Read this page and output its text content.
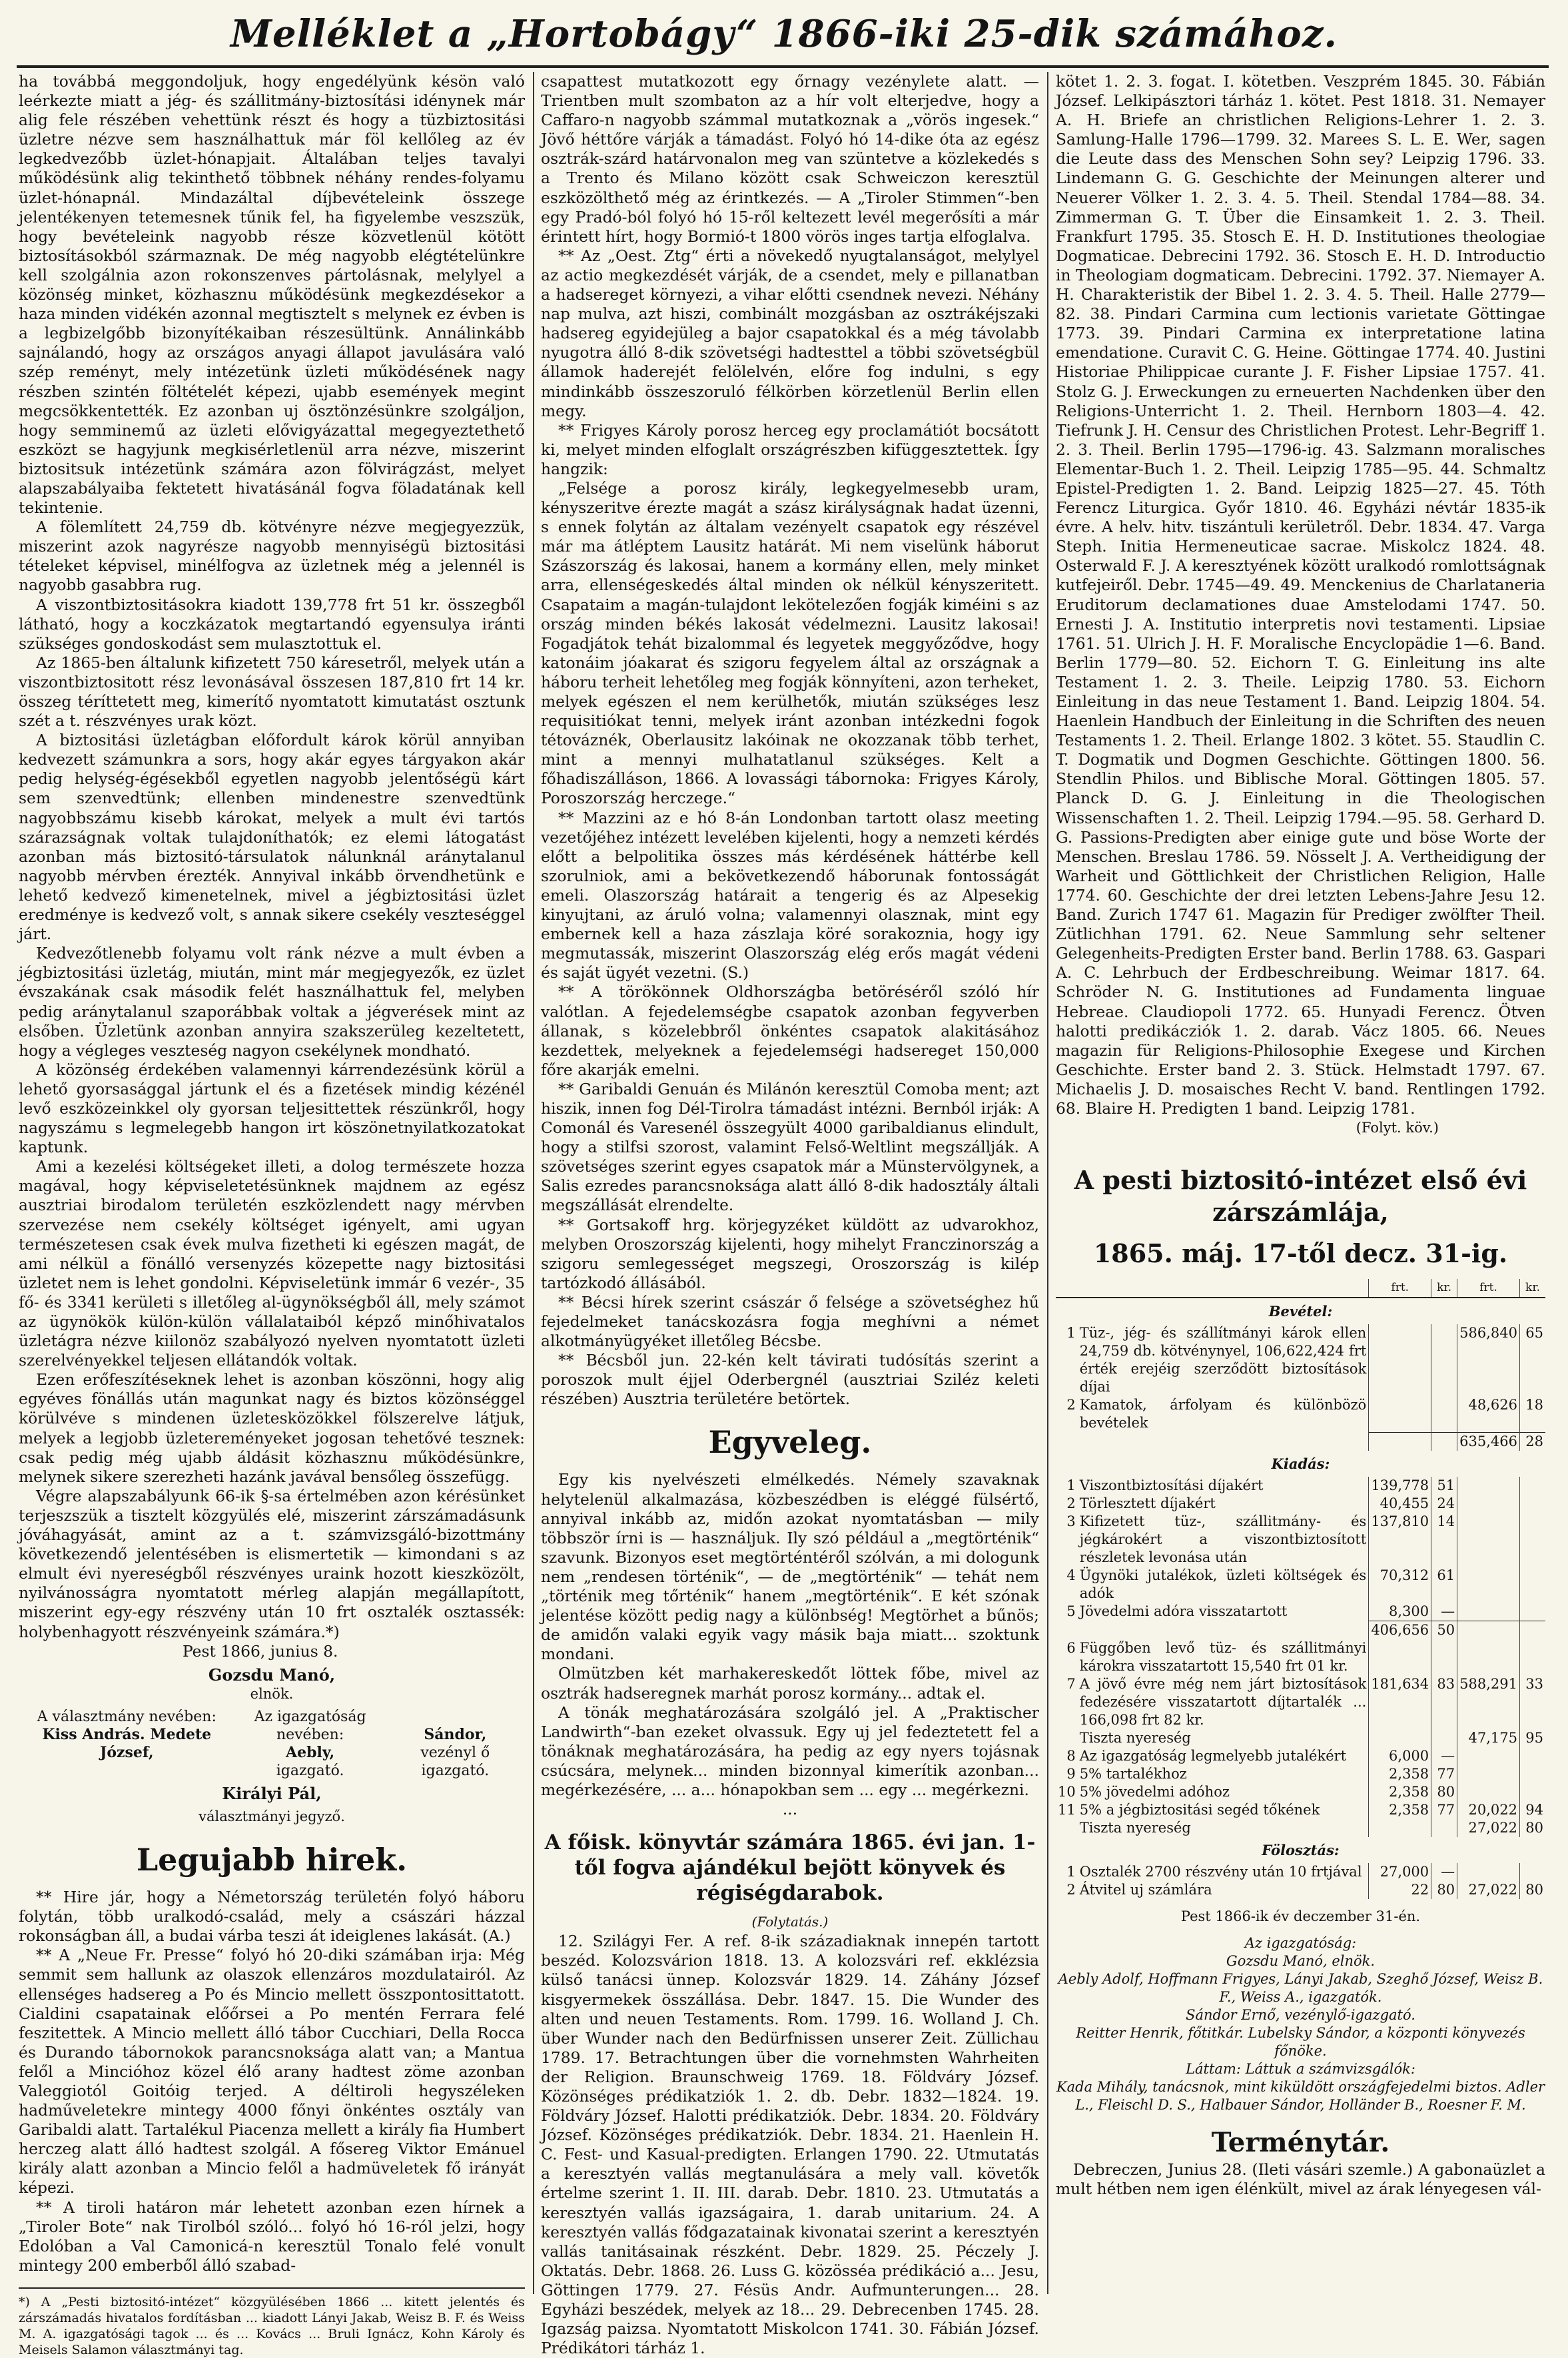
Melléklet a „Hortobágy“ 1866-iki 25-dik számához.

ha továbbá meggondoljuk, hogy engedélyünk késön való leérkezte miatt a jég- és szállitmány-biztosítási idénynek már alig fele részében vehettünk részt és hogy a tüzbiztositási üzletre nézve sem használhattuk már föl kellőleg az év legkedvezőbb üzlet-hónapjait. Általában teljes tavalyi működésünk alig tekinthető többnek néhány rendes-folyamu üzlet-hónapnál. Mindazáltal díjbevételeink összege jelentékenyen tetemesnek tűnik fel, ha figyelembe veszszük, hogy bevételeink nagyobb része közvetlenül kötött biztosításokból származnak. De még nagyobb elégtételünkre kell szolgálnia azon rokonszenves pártolásnak, melylyel a közönség minket, közhasznu működésünk megkezdésekor a haza minden vidékén azonnal megtisztelt s melynek ez évben is a legbizelgőbb bizonyítékaiban részesültünk. Annálinkább sajnálandó, hogy az országos anyagi állapot javulására való szép reményt, mely intézetünk üzleti működésének nagy részben szintén föltételét képezi, ujabb események megint megcsökkentették. Ez azonban uj ösztönzésünkre szolgáljon, hogy semminemű az üzleti elővigyázattal megegyeztethető eszközt se hagyjunk megkisérletlenül arra nézve, miszerint biztositsuk intézetünk számára azon fölvirágzást, melyet alapszabályaiba fektetett hivatásánál fogva föladatának kell tekintenie.

A fölemlített 24,759 db. kötvényre nézve megjegyezzük, miszerint azok nagyrésze nagyobb mennyiségü biztositási tételeket képvisel, minélfogva az üzletnek még a jelennél is nagyobb gasabbra rug.

A viszontbiztositásokra kiadott 139,778 frt 51 kr. összegből látható, hogy a koczkázatok megtartandó egyensulya iránti szükséges gondoskodást sem mulasztottuk el.

Az 1865-ben általunk kifizetett 750 káresetről, melyek után a viszontbiztositott rész levonásával összesen 187,810 frt 14 kr. összeg téríttetett meg, kimerítő nyomtatott kimutatást osztunk szét a t. részvényes urak közt.

A biztositási üzletágban előfordult károk körül annyiban kedvezett számunkra a sors, hogy akár egyes tárgyakon akár pedig helység-égésekből egyetlen nagyobb jelentőségü kárt sem szenvedtünk; ellenben mindenestre szenvedtünk nagyobbszámu kisebb károkat, melyek a mult évi tartós szárazságnak voltak tulajdoníthatók; ez elemi látogatást azonban más biztositó-társulatok nálunknál aránytalanul nagyobb mérvben érezték. Annyival inkább örvendhetünk e lehető kedvező kimenetelnek, mivel a jégbiztositási üzlet eredménye is kedvező volt, s annak sikere csekély veszteséggel járt.

Kedvezőtlenebb folyamu volt ránk nézve a mult évben a jégbiztositási üzletág, miután, mint már megjegyezők, ez üzlet évszakának csak második felét használhattuk fel, melyben pedig aránytalanul szaporábbak voltak a jégverések mint az elsőben. Üzletünk azonban annyira szakszerüleg kezeltetett, hogy a végleges veszteség nagyon csekélynek mondható.

A közönség érdekében valamennyi kárrendezésünk körül a lehető gyorsasággal jártunk el és a fizetések mindig kézénél levő eszközeinkkel oly gyorsan teljesittettek részünkről, hogy nagyszámu s legmelegebb hangon irt köszönetnyilatkozatokat kaptunk.

Ami a kezelési költségeket illeti, a dolog természete hozza magával, hogy képviseletetésünknek majdnem az egész ausztriai birodalom területén eszközlendett nagy mérvben szervezése nem csekély költséget igényelt, ami ugyan természetesen csak évek mulva fizetheti ki egészen magát, de ami nélkül a fönálló versenyzés közepette nagy biztositási üzletet nem is lehet gondolni. Képviseletünk immár 6 vezér-, 35 fő- és 3341 kerületi s illetőleg al-ügynökségből áll, mely számot az ügynökök külön-külön vállalataiból képző minőhivatalos üzletágra nézve kiilonöz szabályozó nyelven nyomtatott üzleti szerelvényekkel teljesen ellátandók voltak.

Ezen erőfeszítéseknek lehet is azonban köszönni, hogy alig egyéves fönállás után magunkat nagy és biztos közönséggel körülvéve s mindenen üzletesközökkel fölszerelve látjuk, melyek a legjobb üzletereményeket jogosan tehetővé tesznek: csak pedig még ujabb áldásit közhasznu működésünkre, melynek sikere szerezheti hazánk javával bensőleg összefügg.

Végre alapszabályunk 66-ik §-sa értelmében azon kérésünket terjeszszük a tisztelt közgyülés elé, miszerint zárszámadásunk jóváhagyását, amint az a t. számvizsgáló-bizottmány következendő jelentésében is elismertetik — kimondani s az elmult évi nyereségből részvényes uraink hozott kieszközölt, nyilvánosságra nyomtatott mérleg alapján megállapított, miszerint egy-egy részvény után 10 frt osztalék osztassék: holybenhagyott részvényeink számára.*)

Pest 1866, junius 8.

Gozsdu Manó,
elnök.
A választmány nevében:
Kiss András. Medete József,
Az igazgatóság nevében:
Aebly,
igazgató.

Sándor,
vezényl ő igazgató.
Királyi Pál,
választmányi jegyző.
Legujabb hirek.

** Hire jár, hogy a Németország területén folyó háboru folytán, több uralkodó-család, mely a császári házzal rokonságban áll, a budai várba teszi át ideiglenes lakását. (A.)

** A „Neue Fr. Presse“ folyó hó 20-diki számában irja: Még semmit sem hallunk az olaszok ellenzáros mozdulatairól. Az ellenséges hadsereg a Po és Mincio mellett összpontosittatott. Cialdini csapatainak előőrsei a Po mentén Ferrara felé feszitettek. A Mincio mellett álló tábor Cucchiari, Della Rocca és Durando tábornokok parancsnoksága alatt van; a Mantua felől a Mincióhoz közel élő arany hadtest zöme azonban Valeggiotól Goitóig terjed. A déltiroli hegyszéleken hadműveletekre mintegy 4000 főnyi önkéntes osztály van Garibaldi alatt. Tartalékul Piacenza mellett a király fia Humbert herczeg alatt álló hadtest szolgál. A fősereg Viktor Emánuel király alatt azonban a Mincio felől a hadmüveletek fő irányát képezi.

** A tiroli határon már lehetett azonban ezen hírnek a „Tiroler Bote“ nak Tirolból szóló... folyó hó 16-ról jelzi, hogy Edolóban a Val Camonicá-n keresztül Tonalo felé vonult mintegy 200 emberből álló szabad-

*) A „Pesti biztositó-intézet“ közgyülésében 1866 ... kitett jelentés és zárszámadás hivatalos fordításban ... kiadott Lányi Jakab, Weisz B. F. és Weiss M. A. igazgatósági tagok ... és ... Kovács ... Bruli Ignácz, Kohn Károly és Meisels Salamon választmányi tag.

csapattest mutatkozott egy őrnagy vezénylete alatt. — Trientben mult szombaton az a hír volt elterjedve, hogy a Caffaro-n nagyobb számmal mutatkoznak a „vörös ingesek.“ Jövő héttőre várják a támadást. Folyó hó 14-dike óta az egész osztrák-szárd határvonalon meg van szüntetve a közlekedés s a Trento és Milano között csak Schweiczon keresztül eszközölthető még az érintkezés. — A „Tiroler Stimmen“-ben egy Pradó-ból folyó hó 15-ről keltezett levél megerősíti a már érintett hírt, hogy Bormió-t 1800 vörös inges tartja elfoglalva.

** Az „Oest. Ztg“ érti a növekedő nyugtalanságot, melylyel az actio megkezdését várják, de a csendet, mely e pillanatban a hadsereget környezi, a vihar előtti csendnek nevezi. Néhány nap mulva, azt hiszi, combinált mozgásban az osztrákéjszaki hadsereg egyidejüleg a bajor csapatokkal és a még távolabb nyugotra álló 8-dik szövetségi hadtesttel a többi szövetségbül államok haderejét felölelvén, előre fog indulni, s egy mindinkább összeszoruló félkörben körzetlenül Berlin ellen megy.

** Frigyes Károly porosz herceg egy proclamátiót bocsátott ki, melyet minden elfoglalt országrészben kifüggesztettek. Így hangzik:

„Felsége a porosz király, legkegyelmesebb uram, kényszeritve érezte magát a szász királyságnak hadat üzenni, s ennek folytán az általam vezényelt csapatok egy részével már ma átléptem Lausitz határát. Mi nem viselünk háborut Szászország és lakosai, hanem a kormány ellen, mely minket arra, ellenségeskedés által minden ok nélkül kényszeritett. Csapataim a magán-tulajdont lekötelezően fogják kiméini s az ország minden békés lakosát védelmezni. Lausitz lakosai! Fogadjátok tehát bizalommal és legyetek meggyőződve, hogy katonáim jóakarat és szigoru fegyelem által az országnak a háboru terheit lehetőleg meg fogják könnyíteni, azon terheket, melyek egészen el nem kerülhetők, miután szükséges lesz requisitiókat tenni, melyek iránt azonban intézkedni fogok tétováznék, Oberlausitz lakóinak ne okozzanak több terhet, mint a mennyi mulhatatlanul szükséges. Kelt a főhadiszálláson, 1866. A lovassági tábornoka: Frigyes Károly, Poroszország herczege.“

** Mazzini az e hó 8-án Londonban tartott olasz meeting vezetőjéhez intézett levelében kijelenti, hogy a nemzeti kérdés előtt a belpolitika összes más kérdésének háttérbe kell szorulniok, ami a bekövetkezendő háborunak fontosságát emeli. Olaszország határait a tengerig és az Alpesekig kinyujtani, az áruló volna; valamennyi olasznak, mint egy embernek kell a haza zászlaja köré sorakoznia, hogy igy megmutassák, miszerint Olaszország elég erős magát védeni és saját ügyét vezetni. (S.)

** A törökönnek Oldhországba betöréséről szóló hír valótlan. A fejedelemségbe csapatok azonban fegyverben állanak, s közelebbről önkéntes csapatok alakitásához kezdettek, melyeknek a fejedelemségi hadsereget 150,000 főre akarják emelni.

** Garibaldi Genuán és Milánón keresztül Comoba ment; azt hiszik, innen fog Dél-Tirolra támadást intézni. Bernból irják: A Comonál és Varesenél összegyült 4000 garibaldianus elindult, hogy a stilfsi szorost, valamint Felső-Weltlint megszállják. A szövetséges szerint egyes csapatok már a Münstervölgynek, a Salis ezredes parancsnoksága alatt álló 8-dik hadosztály általi megszállását elrendelte.

** Gortsakoff hrg. körjegyzéket küldött az udvarokhoz, melyben Oroszország kijelenti, hogy mihelyt Franczinország a szigoru semlegességet megszegi, Oroszország is kilép tartózkodó állásából.

** Bécsi hírek szerint császár ő felsége a szövetséghez hű fejedelmeket tanácskozásra fogja meghívni a német alkotmányügyéket illetőleg Bécsbe.

** Bécsből jun. 22-kén kelt távirati tudósítás szerint a poroszok mult éjjel Oderbergnél (ausztriai Sziléz keleti részében) Ausztria területére betörtek.

Egyveleg.

Egy kis nyelvészeti elmélkedés. Némely szavaknak helytelenül alkalmazása, közbeszédben is eléggé fülsértő, annyival inkább az, midőn azokat nyomtatásban — mily többször írni is — használjuk. Ily szó például a „megtörténik“ szavunk. Bizonyos eset megtörténtéről szólván, a mi dologunk nem „rendesen történik“, — de „megtörténik“ — tehát nem „történik meg tőrténik“ hanem „megtörténik“. E két szónak jelentése között pedig nagy a különbség! Megtörhet a bűnös; de amidőn valaki egyik vagy másik baja miatt... szoktunk mondani.

Olmützben két marhakereskedőt löttek főbe, mivel az osztrák hadseregnek marhát porosz kormány... adtak el.

A tönák meghatározására szolgáló jel. A „Praktischer Landwirth“-ban ezeket olvassuk. Egy uj jel fedeztetett fel a tönáknak meghatározására, ha pedig az egy nyers tojásnak csúcsára, melynek... minden bizonnyal kimerítik azonban... megérkezésére, ... a... hónapokban sem ... egy ... megérkezni.

...

A főisk. könyvtár számára 1865. évi jan. 1-től fogva ajándékul bejött könyvek és régiségdarabok.
(Folytatás.)

12. Szilágyi Fer. A ref. 8-ik századiaknak innepén tartott beszéd. Kolozsvárion 1818. 13. A kolozsvári ref. ekklézsia külső tanácsi ünnep. Kolozsvár 1829. 14. Záhány József kisgyermekek összállása. Debr. 1847. 15. Die Wunder des alten und neuen Testaments. Rom. 1799. 16. Wolland J. Ch. über Wunder nach den Bedürfnissen unserer Zeit. Züllichau 1789. 17. Betrachtungen über die vornehmsten Wahrheiten der Religion. Braunschweig 1769. 18. Földváry József. Közönséges prédikatziók 1. 2. db. Debr. 1832—1824. 19. Földváry József. Halotti prédikatziók. Debr. 1834. 20. Földváry József. Közönséges prédikatziók. Debr. 1834. 21. Haenlein H. C. Fest- und Kasual-predigten. Erlangen 1790. 22. Utmutatás a keresztyén vallás megtanulására a mely vall. követők értelme szerint 1. II. III. darab. Debr. 1810. 23. Utmutatás a keresztyén vallás igazságaira, 1. darab unitarium. 24. A keresztyén vallás fődgazatainak kivonatai szerint a keresztyén vallás tanitásainak részként. Debr. 1829. 25. Péczely J. Oktatás. Debr. 1868. 26. Luss G. közösséa prédikáció a... Jesu, Göttingen 1779. 27. Fésüs Andr. Aufmunterungen... 28. Egyházi beszédek, melyek az 18... 29. Debrecenben 1745. 28. Igazság paizsa. Nyomtatott Miskolcon 1741. 30. Fábián József. Prédikátori tárház 1.

kötet 1. 2. 3. fogat. I. kötetben. Veszprém 1845. 30. Fábián József. Lelkipásztori tárház 1. kötet. Pest 1818. 31. Nemayer A. H. Briefe an christlichen Religions-Lehrer 1. 2. 3. Samlung-Halle 1796—1799. 32. Marees S. L. E. Wer, sagen die Leute dass des Menschen Sohn sey? Leipzig 1796. 33. Lindemann G. G. Geschichte der Meinungen alterer und Neuerer Völker 1. 2. 3. 4. 5. Theil. Stendal 1784—88. 34. Zimmerman G. T. Über die Einsamkeit 1. 2. 3. Theil. Frankfurt 1795. 35. Stosch E. H. D. Institutiones theologiae Dogmaticae. Debrecini 1792. 36. Stosch E. H. D. Introductio in Theologiam dogmaticam. Debrecini. 1792. 37. Niemayer A. H. Charakteristik der Bibel 1. 2. 3. 4. 5. Theil. Halle 2779—82. 38. Pindari Carmina cum lectionis varietate Göttingae 1773. 39. Pindari Carmina ex interpretatione latina emendatione. Curavit C. G. Heine. Göttingae 1774. 40. Justini Historiae Philippicae curante J. F. Fisher Lipsiae 1757. 41. Stolz G. J. Erweckungen zu erneuerten Nachdenken über den Religions-Unterricht 1. 2. Theil. Hernborn 1803—4. 42. Tiefrunk J. H. Censur des Christlichen Protest. Lehr-Begriff 1. 2. 3. Theil. Berlin 1795—1796-ig. 43. Salzmann moralisches Elementar-Buch 1. 2. Theil. Leipzig 1785—95. 44. Schmaltz Epistel-Predigten 1. 2. Band. Leipzig 1825—27. 45. Tóth Ferencz Liturgica. Győr 1810. 46. Egyházi névtár 1835-ik évre. A helv. hitv. tiszántuli kerületről. Debr. 1834. 47. Varga Steph. Initia Hermeneuticae sacrae. Miskolcz 1824. 48. Osterwald F. J. A keresztyének között uralkodó romlottságnak kutfejeiről. Debr. 1745—49. 49. Menckenius de Charlataneria Eruditorum declamationes duae Amstelodami 1747. 50. Ernesti J. A. Institutio interpretis novi testamenti. Lipsiae 1761. 51. Ulrich J. H. F. Moralische Encyclopädie 1—6. Band. Berlin 1779—80. 52. Eichorn T. G. Einleitung ins alte Testament 1. 2. 3. Theile. Leipzig 1780. 53. Eichorn Einleitung in das neue Testament 1. Band. Leipzig 1804. 54. Haenlein Handbuch der Einleitung in die Schriften des neuen Testaments 1. 2. Theil. Erlange 1802. 3 kötet. 55. Staudlin C. T. Dogmatik und Dogmen Geschichte. Göttingen 1800. 56. Stendlin Philos. und Biblische Moral. Göttingen 1805. 57. Planck D. G. J. Einleitung in die Theologischen Wissenschaften 1. 2. Theil. Leipzig 1794.—95. 58. Gerhard D. G. Passions-Predigten aber einige gute und böse Worte der Menschen. Breslau 1786. 59. Nösselt J. A. Vertheidigung der Warheit und Göttlichkeit der Christlichen Religion, Halle 1774. 60. Geschichte der drei letzten Lebens-Jahre Jesu 12. Band. Zurich 1747 61. Magazin für Prediger zwölfter Theil. Zütlichhan 1791. 62. Neue Sammlung sehr seltener Gelegenheits-Predigten Erster band. Berlin 1788. 63. Gaspari A. C. Lehrbuch der Erdbeschreibung. Weimar 1817. 64. Schröder N. G. Institutiones ad Fundamenta linguae Hebreae. Claudiopoli 1772. 65. Hunyadi Ferencz. Ötven halotti predikácziók 1. 2. darab. Vácz 1805. 66. Neues magazin für Religions-Philosophie Exegese und Kirchen Geschichte. Erster band 2. 3. Stück. Helmstadt 1797. 67. Michaelis J. D. mosaisches Recht V. band. Rentlingen 1792. 68. Blaire H. Predigten 1 band. Leipzig 1781.

(Folyt. köv.)
A pesti biztositó-intézet első évi zárszámlája,
1865. máj. 17-től decz. 31-ig.
		frt.	kr.	frt.	kr.
Bevétel:					
1	Tüz-, jég- és szállítmányi károk ellen 24,759 db. kötvénynyel, 106,622,424 frt érték erejéig szerződött biztosítások díjai			586,840	65
2	Kamatok, árfolyam és különbözö bevételek			48,626	18
				635,466	28
Kiadás:					
1	Viszontbiztosítási díjakért	139,778	51		
2	Törlesztett díjakért	40,455	24		
3	Kifizetett tüz-, szállitmány- és jégkárokért a viszontbiztosított részletek levonása után	137,810	14		
4	Ügynöki jutalékok, üzleti költségek és adók	70,312	61		
5	Jövedelmi adóra visszatartott	8,300	—		
		406,656	50		
6	Függőben levő tüz- és szállitmányi károkra visszatartott 15,540 frt 01 kr.				
7	A jövő évre még nem járt biztosítások fedezésére visszatartott díjtartalék ... 166,098 frt 82 kr.	181,634	83	588,291	33
	Tiszta nyereség			47,175	95
8	Az igazgatóság legmelyebb jutalékért	6,000	—		
9	5% tartalékhoz	2,358	77		
10	5% jövedelmi adóhoz	2,358	80		
11	5% a jégbiztositási segéd tőkének	2,358	77	20,022	94
	Tiszta nyereség			27,022	80
Fölosztás:					
1	Osztalék 2700 részvény után 10 frtjával	27,000	—		
2	Átvitel uj számlára	22	80	27,022	80
Pest 1866-ik év deczember 31-én.
Az igazgatóság:
Gozsdu Manó, elnök.
Aebly Adolf, Hoffmann Frigyes, Lányi Jakab, Szeghő József, Weisz B. F., Weiss A., igazgatók.
Sándor Ernő, vezénylő-igazgató.
Reitter Henrik, főtitkár. Lubelsky Sándor, a központi könyvezés főnöke.
Láttam: Láttuk a számvizsgálók:
Kada Mihály, tanácsnok, mint kiküldött országfejedelmi biztos. Adler L., Fleischl D. S., Halbauer Sándor, Holländer B., Roesner F. M.
Terménytár.

Debreczen, Junius 28. (Ileti vásári szemle.) A gabonaüzlet a mult hétben nem igen élénkült, mivel az árak lényegesen vál-
